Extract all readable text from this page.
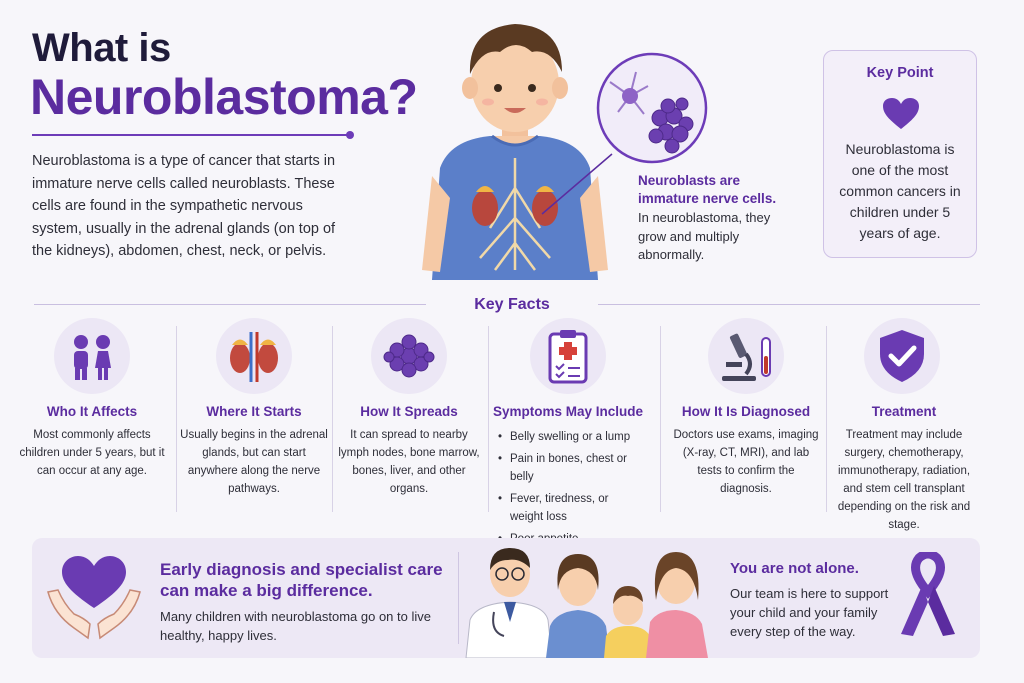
What is
Neuroblastoma?
Neuroblastoma is a type of cancer that starts in immature nerve cells called neuroblasts. These cells are found in the sympathetic nervous system, usually in the adrenal glands (on top of the kidneys), abdomen, chest, neck, or pelvis.
Neuroblasts are immature nerve cells.
In neuroblastoma, they grow and multiply abnormally.
Key Point
Neuroblastoma is one of the most common cancers in children under 5 years of age.
Key Facts
Who It Affects
Most commonly affects children under 5 years, but it can occur at any age.
Where It Starts
Usually begins in the adrenal glands, but can start anywhere along the nerve pathways.
How It Spreads
It can spread to nearby lymph nodes, bone marrow, bones, liver, and other organs.
Symptoms May Include
• Belly swelling or a lump
• Pain in bones, chest or belly
• Fever, tiredness, or weight loss
•
How It Is Diagnosed
Doctors use exams, imaging (X-ray, CT, MRI), and lab tests to confirm the diagnosis.
Treatment
Treatment may include surgery, chemotherapy, immunotherapy, radiation, and stem cell transplant depending on the risk and stage.
Early diagnosis and specialist care
can make a big difference.
Many children with neuroblastoma go on to live healthy, happy lives.
You are not alone.
Our team is here to support your child and your family every step of the way.
